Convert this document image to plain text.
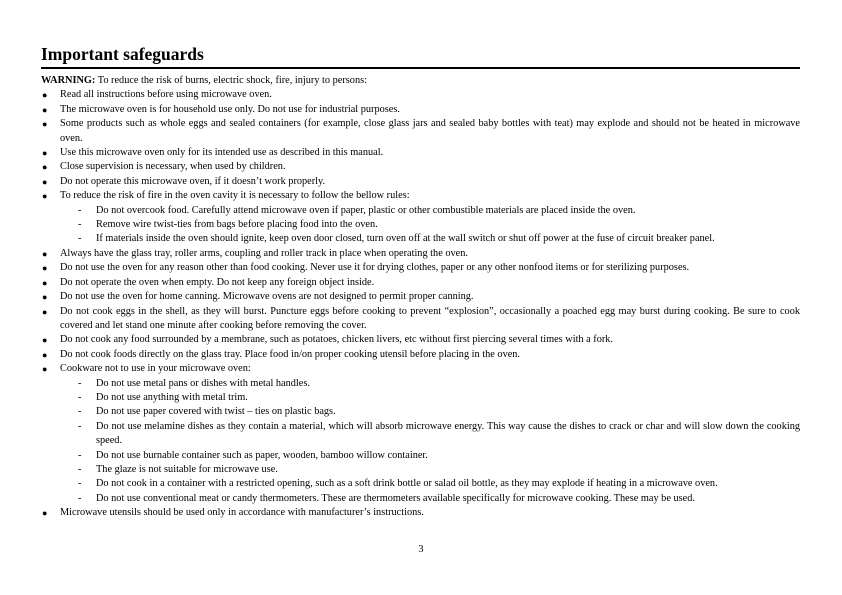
Important safeguards
WARNING: To reduce the risk of burns, electric shock, fire, injury to persons:
● Read all instructions before using microwave oven.
● The microwave oven is for household use only. Do not use for industrial purposes.
● Some products such as whole eggs and sealed containers (for example, close glass jars and sealed baby bottles with teat) may explode and should not be heated in microwave oven.
● Use this microwave oven only for its intended use as described in this manual.
● Close supervision is necessary, when used by children.
● Do not operate this microwave oven, if it doesn’t work properly.
● To reduce the risk of fire in the oven cavity it is necessary to follow the bellow rules:
- Do not overcook food. Carefully attend microwave oven if paper, plastic or other combustible materials are placed inside the oven.
- Remove wire twist-ties from bags before placing food into the oven.
- If materials inside the oven should ignite, keep oven door closed, turn oven off at the wall switch or shut off power at the fuse of circuit breaker panel.
● Always have the glass tray, roller arms, coupling and roller track in place when operating the oven.
● Do not use the oven for any reason other than food cooking. Never use it for drying clothes, paper or any other nonfood items or for sterilizing purposes.
● Do not operate the oven when empty. Do not keep any foreign object inside.
● Do not use the oven for home canning. Microwave ovens are not designed to permit proper canning.
● Do not cook eggs in the shell, as they will burst. Puncture eggs before cooking to prevent “explosion”, occasionally a poached egg may burst during cooking. Be sure to cook covered and let stand one minute after cooking before removing the cover.
● Do not cook any food surrounded by a membrane, such as potatoes, chicken livers, etc without first piercing several times with a fork.
● Do not cook foods directly on the glass tray. Place food in/on proper cooking utensil before placing in the oven.
● Cookware not to use in your microwave oven:
- Do not use metal pans or dishes with metal handles.
- Do not use anything with metal trim.
- Do not use paper covered with twist – ties on plastic bags.
- Do not use melamine dishes as they contain a material, which will absorb microwave energy. This way cause the dishes to crack or char and will slow down the cooking speed.
- Do not use burnable container such as paper, wooden, bamboo willow container.
- The glaze is not suitable for microwave use.
- Do not cook in a container with a restricted opening, such as a soft drink bottle or salad oil bottle, as they may explode if heating in a microwave oven.
- Do not use conventional meat or candy thermometers. These are thermometers available specifically for microwave cooking. These may be used.
● Microwave utensils should be used only in accordance with manufacturer’s instructions.
3
